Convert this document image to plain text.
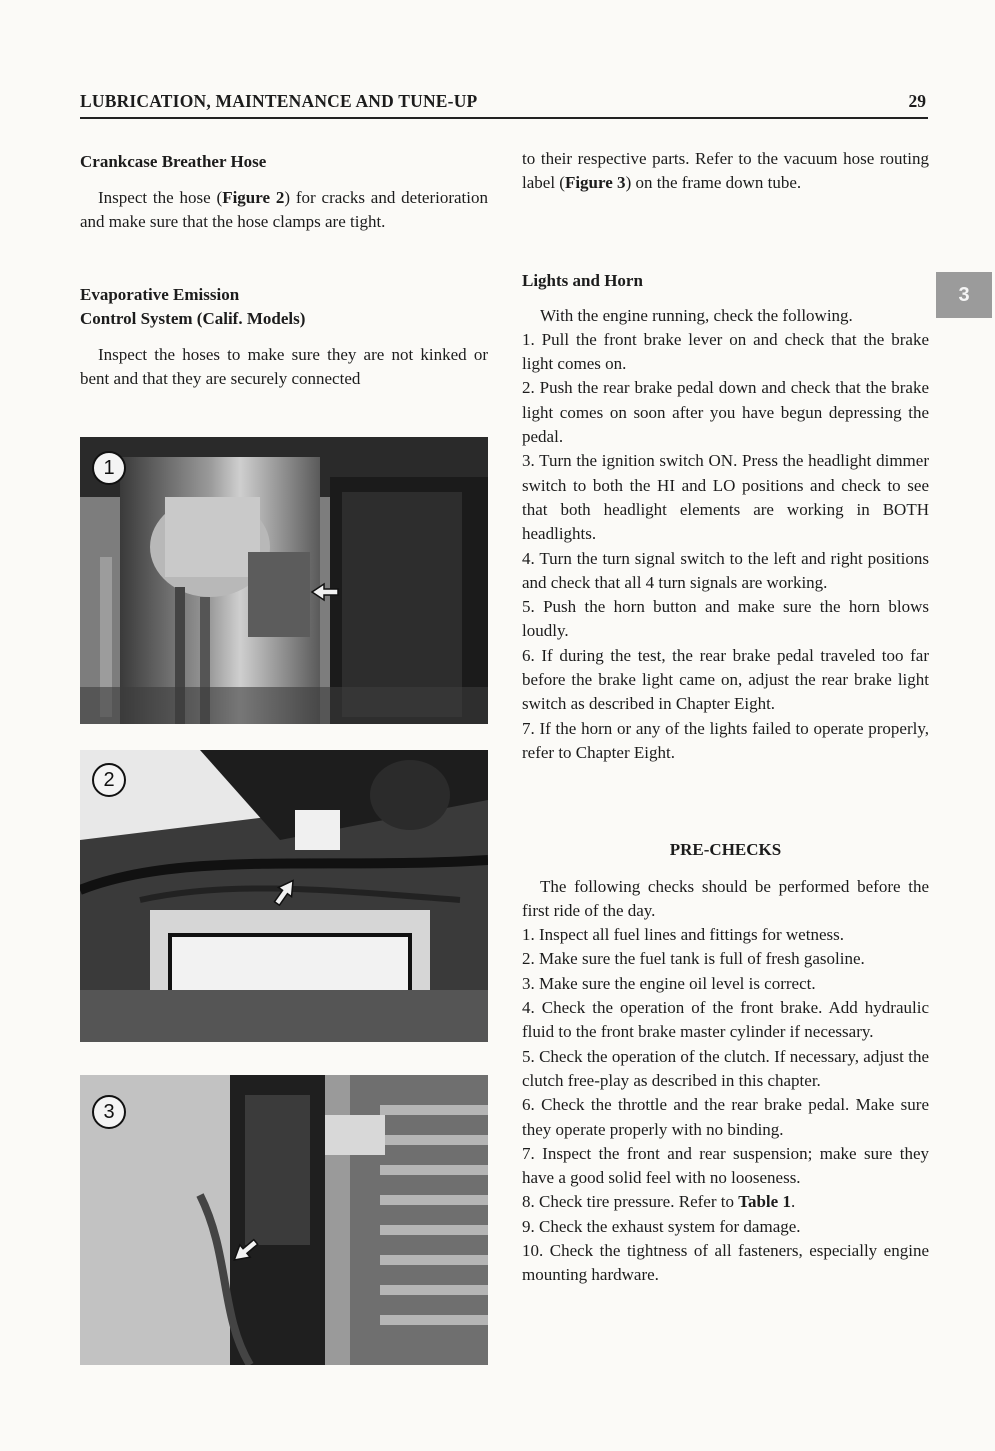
LUBRICATION, MAINTENANCE AND TUNE-UP	29
3
Crankcase Breather Hose

Inspect the hose (Figure 2) for cracks and deterioration and make sure that the hose clamps are tight.

Evaporative Emission
Control System (Calif. Models)

Inspect the hoses to make sure they are not kinked or bent and that they are securely connected

1
2
3

to their respective parts. Refer to the vacuum hose routing label (Figure 3) on the frame down tube.

Lights and Horn

With the engine running, check the following.

1. Pull the front brake lever on and check that the brake light comes on.
2. Push the rear brake pedal down and check that the brake light comes on soon after you have begun depressing the pedal.
3. Turn the ignition switch ON. Press the headlight dimmer switch to both the HI and LO positions and check to see that both headlight elements are working in BOTH headlights.
4. Turn the turn signal switch to the left and right positions and check that all 4 turn signals are working.
5. Push the horn button and make sure the horn blows loudly.
6. If during the test, the rear brake pedal traveled too far before the brake light came on, adjust the rear brake light switch as described in Chapter Eight.
7. If the horn or any of the lights failed to operate properly, refer to Chapter Eight.
PRE-CHECKS

The following checks should be performed before the first ride of the day.

1. Inspect all fuel lines and fittings for wetness.
2. Make sure the fuel tank is full of fresh gasoline.
3. Make sure the engine oil level is correct.
4. Check the operation of the front brake. Add hydraulic fluid to the front brake master cylinder if necessary.
5. Check the operation of the clutch. If necessary, adjust the clutch free-play as described in this chapter.
6. Check the throttle and the rear brake pedal. Make sure they operate properly with no binding.
7. Inspect the front and rear suspension; make sure they have a good solid feel with no looseness.
8. Check tire pressure. Refer to Table 1.
9. Check the exhaust system for damage.
10. Check the tightness of all fasteners, especially engine mounting hardware.
